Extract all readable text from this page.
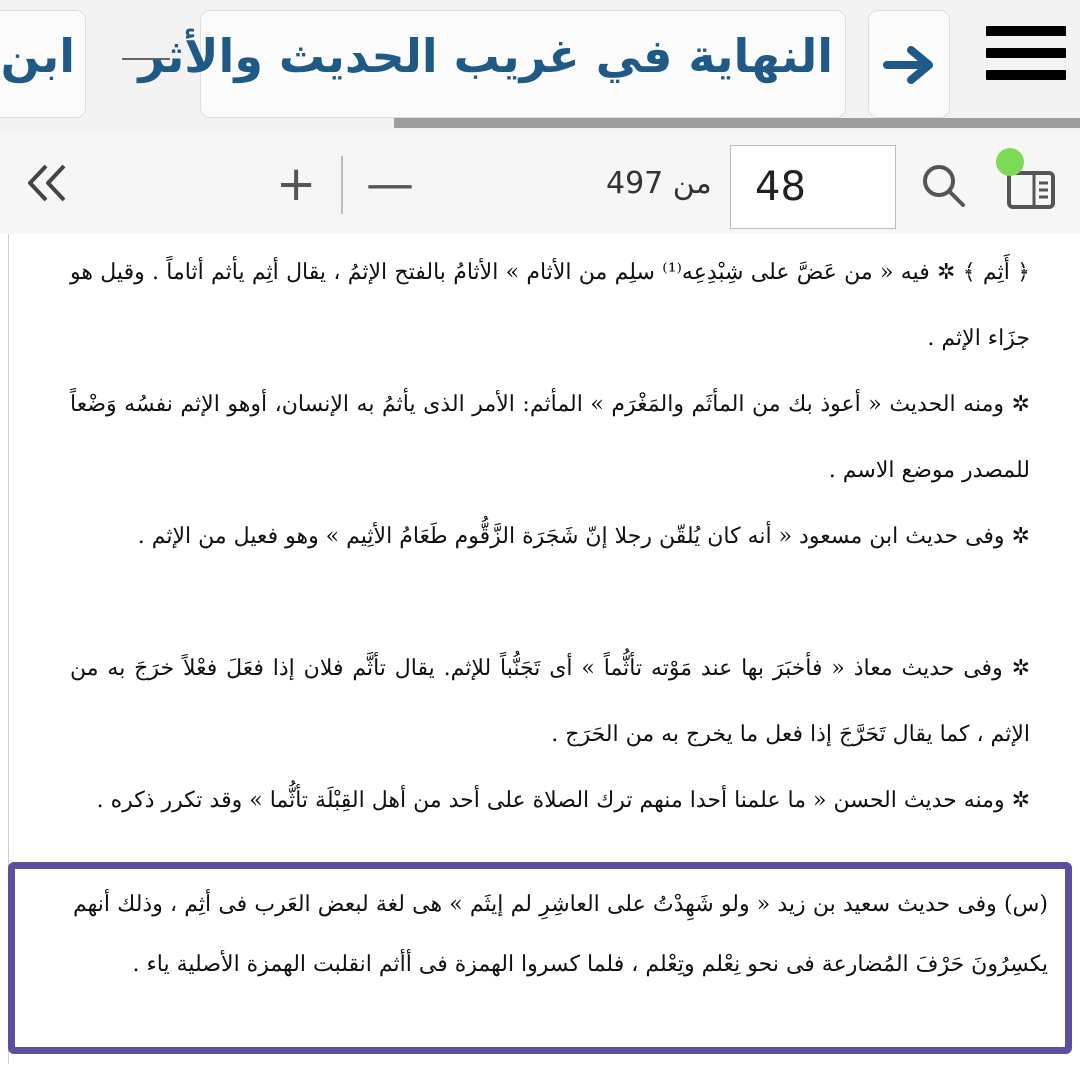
ابن النهاية في غريب الحديث والأثر
+ —	من 497
48

﴿ أَثِم ﴾ ✲ فيه « من عَضَّ على شِبْدِعِه⁽¹⁾ سلِم من الأثام » الأثامُ بالفتح الإثمُ ، يقال أثِم يأثم أثاماً . وقيل هو جزَاء الإثم .

✲ ومنه الحديث « أعوذ بك من المأثَم والمَغْرَم » المأثم: الأمر الذى يأثمُ به الإنسان، أوهو الإثم نفسُه وَضْعاً للمصدر موضع الاسم .

✲ وفى حديث ابن مسعود « أنه كان يُلقّن رجلا إنّ شَجَرَة الزَّقُّوم طَعَامُ الأثِيم » وهو فعيل من الإثم .

✲ وفى حديث معاذ « فأخبَرَ بها عند مَوْته تأثُّماً » أى تَجَنُّباً للإثم. يقال تأثَّم فلان إذا فعَلَ فعْلاً خرَجَ به من الإثم ، كما يقال تَحَرَّجَ إذا فعل ما يخرج به من الحَرَج .

✲ ومنه حديث الحسن « ما علمنا أحدا منهم ترك الصلاة على أحد من أهل القِبْلَة تأثُّما » وقد تكرر ذكره .

(س) وفى حديث سعيد بن زيد « ولو شَهِدْتُ على العاشِرِ لم إيثَم » هى لغة لبعض العَرب فى أثِم ، وذلك أنهم يكسِرُونَ حَرْفَ المُضارعة فى نحو نِعْلم وتِعْلم ، فلما كسروا الهمزة فى أأثم انقلبت الهمزة الأصلية ياء .
